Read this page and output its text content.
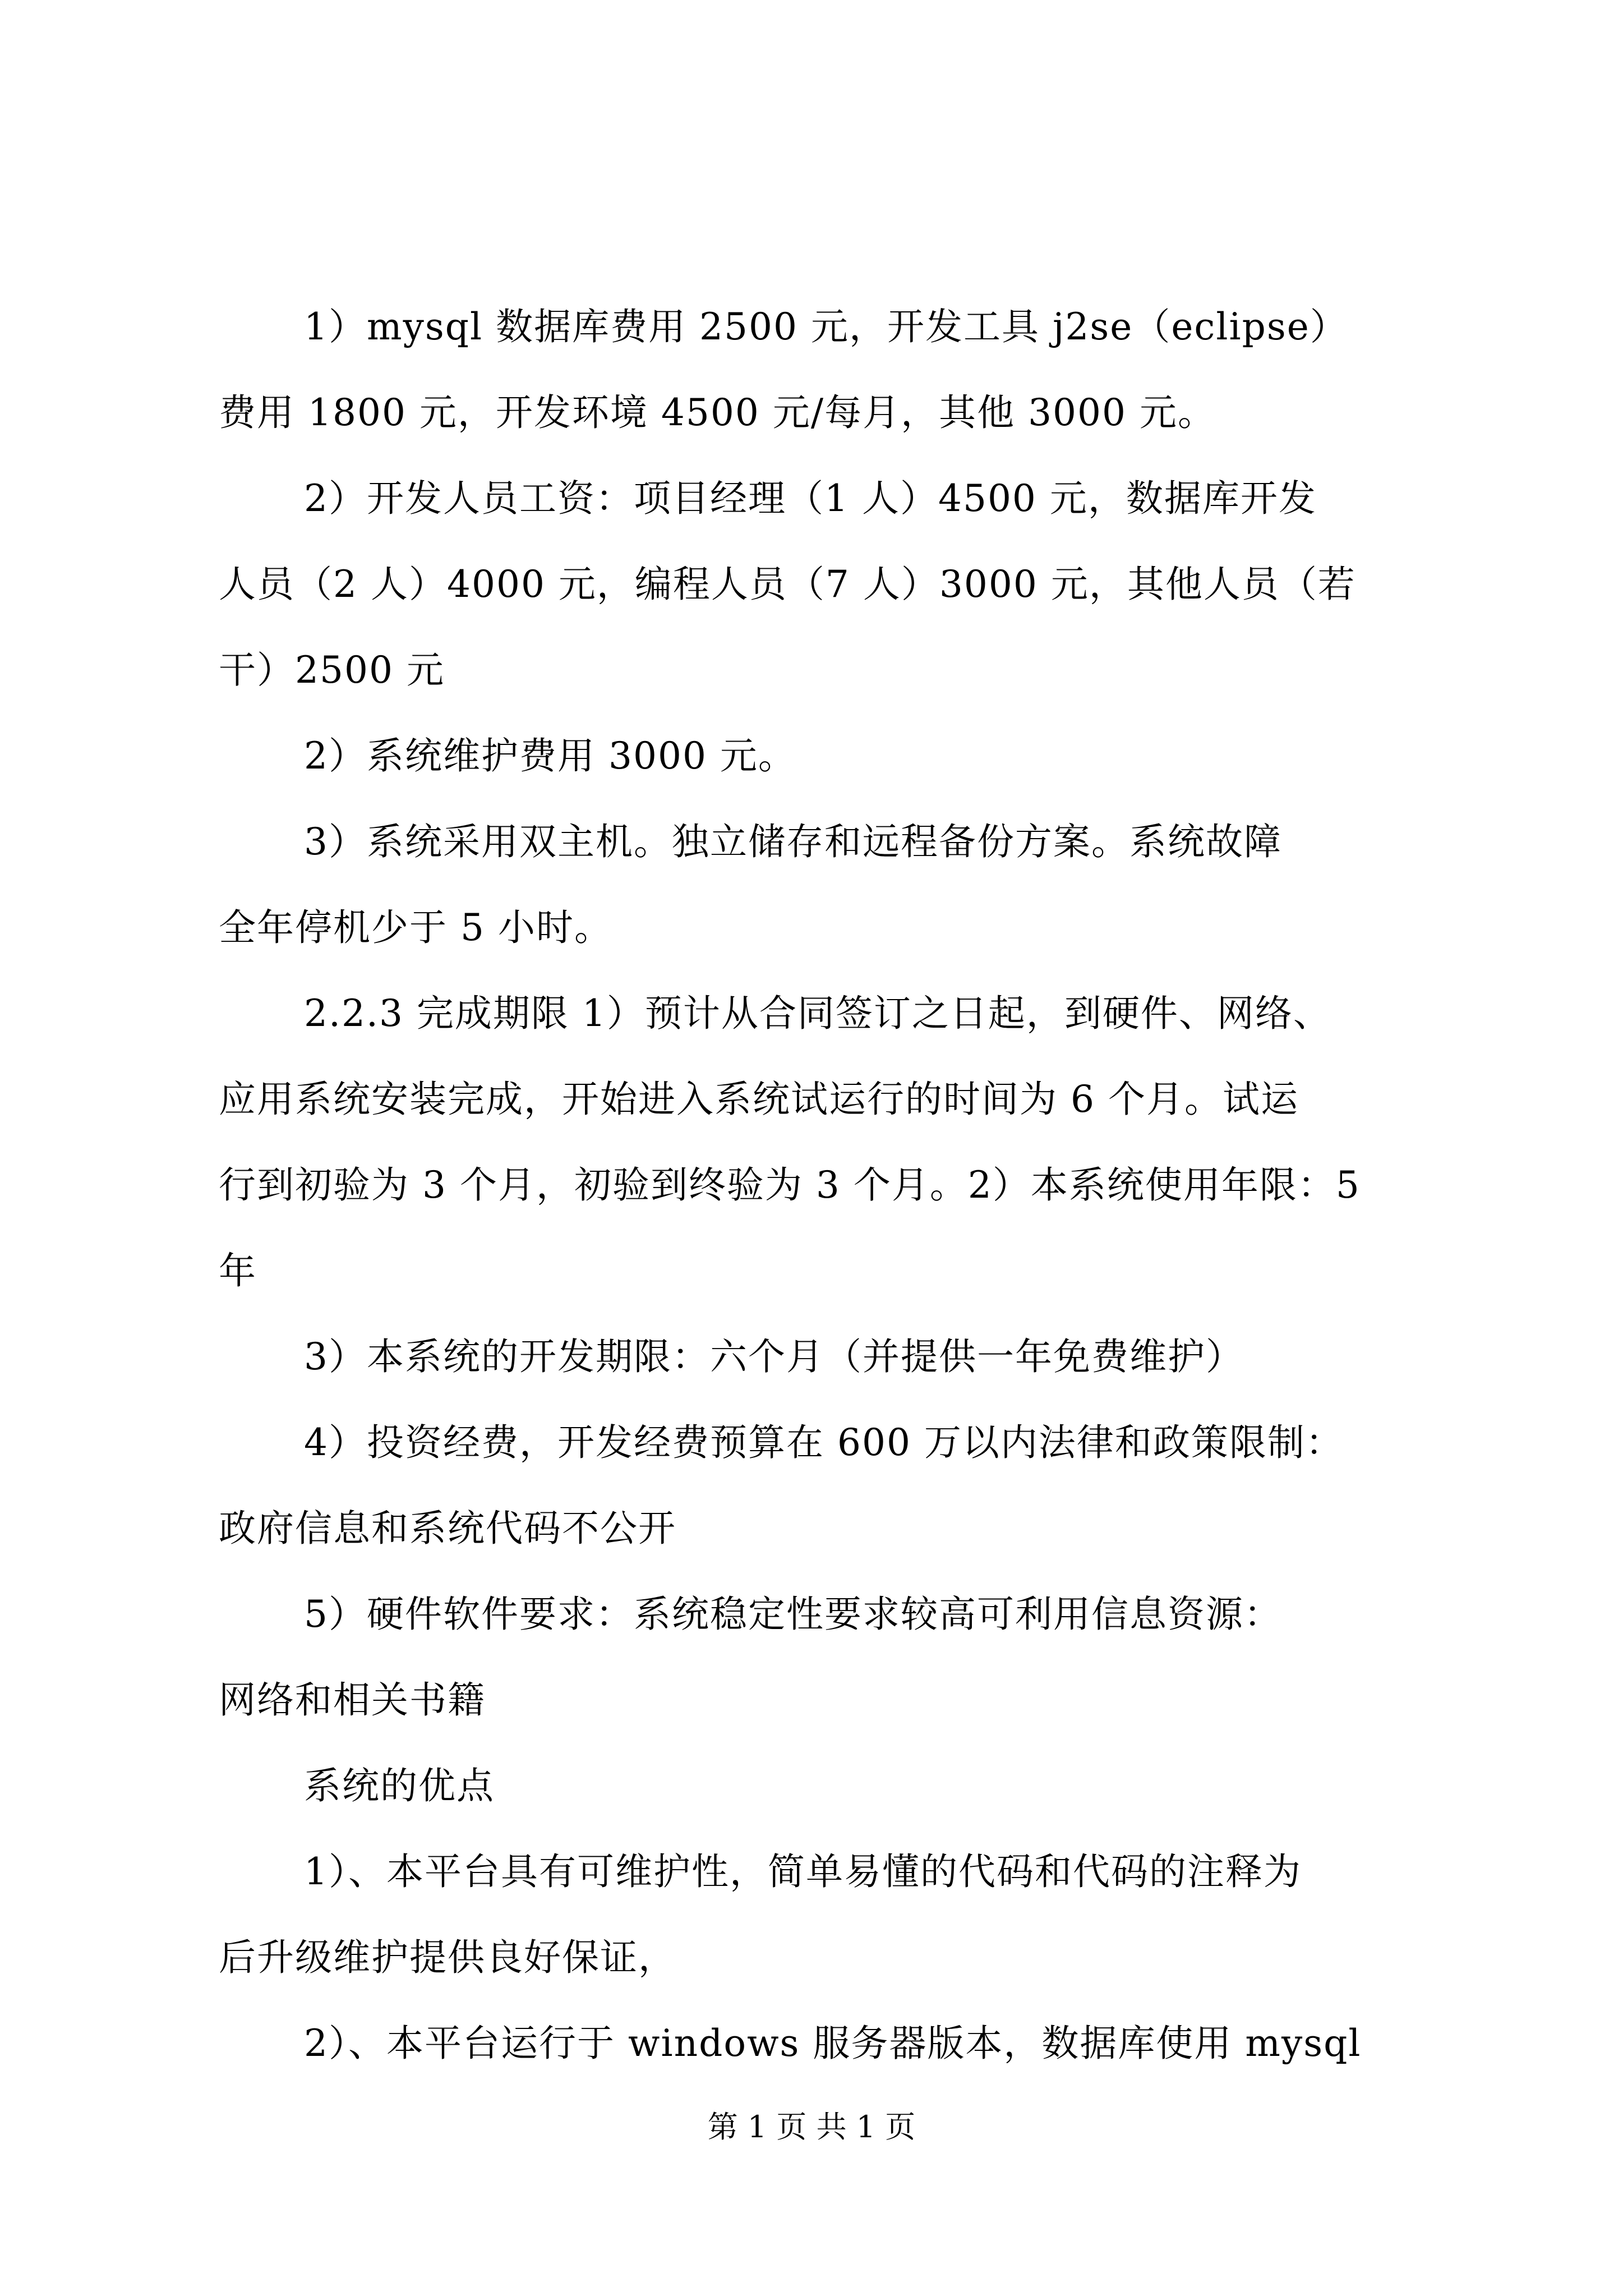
1）mysql 数据库费用 2500 元，开发工具 j2se（eclipse）
费用 1800 元，开发环境 4500 元/每月，其他 3000 元。
2）开发人员工资：项目经理（1 人）4500 元，数据库开发
人员（2 人）4000 元，编程人员（7 人）3000 元，其他人员（若
干）2500 元
2）系统维护费用 3000 元。
3）系统采用双主机。独立储存和远程备份方案。系统故障
全年停机少于 5 小时。
2.2.3 完成期限 1）预计从合同签订之日起，到硬件、网络、
应用系统安装完成，开始进入系统试运行的时间为 6 个月。试运
行到初验为 3 个月，初验到终验为 3 个月。2）本系统使用年限：5
年
3）本系统的开发期限：六个月（并提供一年免费维护）
4）投资经费，开发经费预算在 600 万以内法律和政策限制：
政府信息和系统代码不公开
5）硬件软件要求：系统稳定性要求较高可利用信息资源：
网络和相关书籍
系统的优点
1）、本平台具有可维护性，简单易懂的代码和代码的注释为
后升级维护提供良好保证，
2）、本平台运行于 windows 服务器版本，数据库使用 mysql
第 1 页 共 1 页
